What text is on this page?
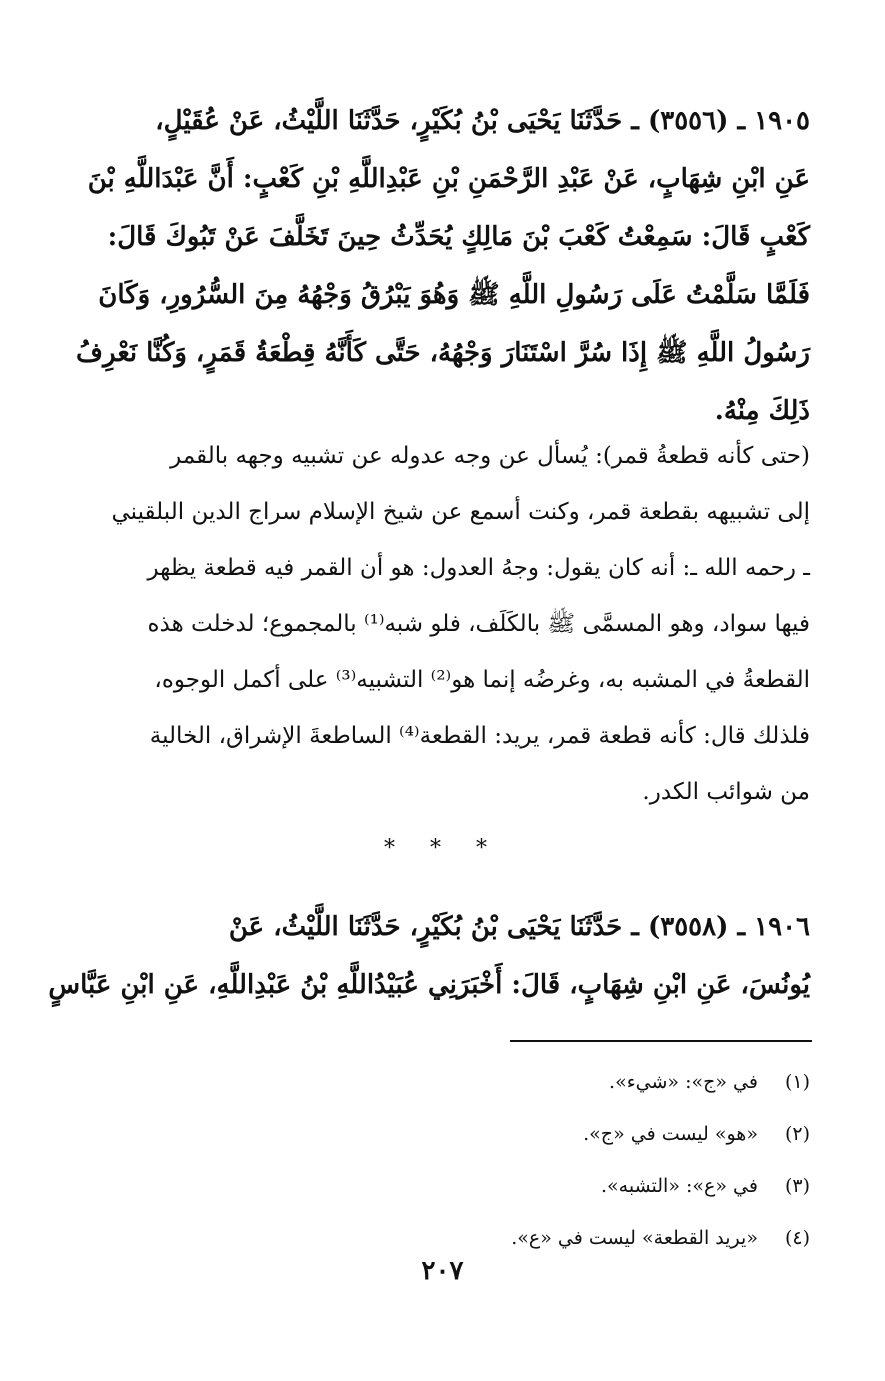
١٩٠٥ ـ (٣٥٥٦) ـ حَدَّثَنَا يَحْيَى بْنُ بُكَيْرٍ، حَدَّثَنَا اللَّيْثُ، عَنْ عُقَيْلٍ،
عَنِ ابْنِ شِهَابٍ، عَنْ عَبْدِ الرَّحْمَنِ بْنِ عَبْدِاللَّهِ بْنِ كَعْبٍ: أَنَّ عَبْدَاللَّهِ بْنَ
كَعْبٍ قَالَ: سَمِعْتُ كَعْبَ بْنَ مَالِكٍ يُحَدِّثُ حِينَ تَخَلَّفَ عَنْ تَبُوكَ قَالَ:
فَلَمَّا سَلَّمْتُ عَلَى رَسُولِ اللَّهِ ﷺ وَهُوَ يَبْرُقُ وَجْهُهُ مِنَ السُّرُورِ، وَكَانَ
رَسُولُ اللَّهِ ﷺ إِذَا سُرَّ اسْتَنَارَ وَجْهُهُ، حَتَّى كَأَنَّهُ قِطْعَةُ قَمَرٍ، وَكُنَّا نَعْرِفُ
ذَلِكَ مِنْهُ.
(حتى كأنه قطعةُ قمر): يُسأل عن وجه عدوله عن تشبيه وجهه بالقمر
إلى تشبيهه بقطعة قمر، وكنت أسمع عن شيخ الإسلام سراج الدين البلقيني
ـ رحمه الله ـ: أنه كان يقول: وجهُ العدول: هو أن القمر فيه قطعة يظهر
فيها سواد، وهو المسمَّى ﷺ بالكَلَف، فلو شبه⁽¹⁾ بالمجموع؛ لدخلت هذه
القطعةُ في المشبه به، وغرضُه إنما هو⁽²⁾ التشبيه⁽³⁾ على أكمل الوجوه،
فلذلك قال: كأنه قطعة قمر، يريد: القطعة⁽⁴⁾ الساطعةَ الإشراق، الخالية
من شوائب الكدر.
* * *
١٩٠٦ ـ (٣٥٥٨) ـ حَدَّثَنَا يَحْيَى بْنُ بُكَيْرٍ، حَدَّثَنَا اللَّيْثُ، عَنْ
يُونُسَ، عَنِ ابْنِ شِهَابٍ، قَالَ: أَخْبَرَنِي عُبَيْدُاللَّهِ بْنُ عَبْدِاللَّهِ، عَنِ ابْنِ عَبَّاسٍ
(١) في «ج»: «شيء».
(٢) «هو» ليست في «ج».
(٣) في «ع»: «التشبه».
(٤) «يريد القطعة» ليست في «ع».
٢٠٧
